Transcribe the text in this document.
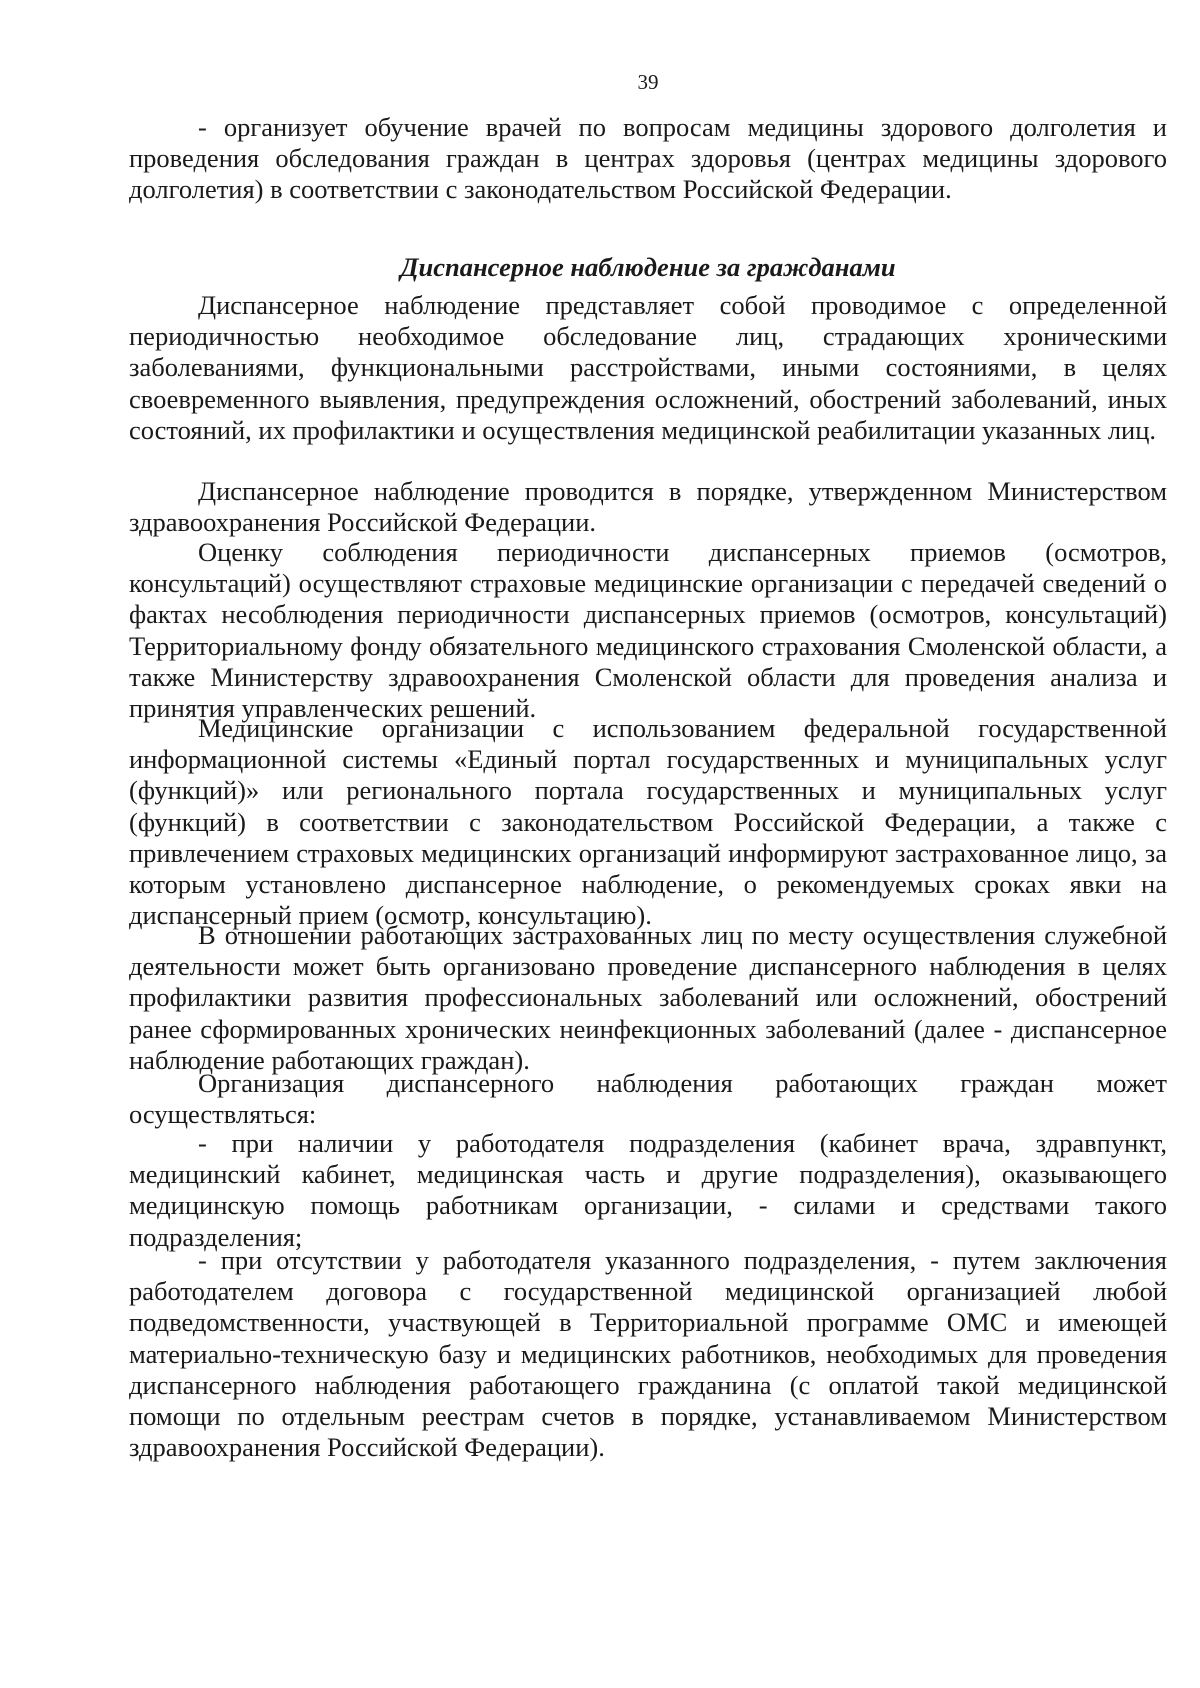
39

- организует обучение врачей по вопросам медицины здорового долголетия и проведения обследования граждан в центрах здоровья (центрах медицины здорового долголетия) в соответствии с законодательством Российской Федерации.

Диспансерное наблюдение за гражданами

Диспансерное наблюдение представляет собой проводимое с определенной периодичностью необходимое обследование лиц, страдающих хроническими заболеваниями, функциональными расстройствами, иными состояниями, в целях своевременного выявления, предупреждения осложнений, обострений заболеваний, иных состояний, их профилактики и осуществления медицинской реабилитации указанных лиц.

Диспансерное наблюдение проводится в порядке, утвержденном Министерством здравоохранения Российской Федерации.

Оценку соблюдения периодичности диспансерных приемов (осмотров, консультаций) осуществляют страховые медицинские организации с передачей сведений о фактах несоблюдения периодичности диспансерных приемов (осмотров, консультаций) Территориальному фонду обязательного медицинского страхования Смоленской области, а также Министерству здравоохранения Смоленской области для проведения анализа и принятия управленческих решений.

Медицинские организации с использованием федеральной государственной информационной системы «Единый портал государственных и муниципальных услуг (функций)» или регионального портала государственных и муниципальных услуг (функций) в соответствии с законодательством Российской Федерации, а также с привлечением страховых медицинских организаций информируют застрахованное лицо, за которым установлено диспансерное наблюдение, о рекомендуемых сроках явки на диспансерный прием (осмотр, консультацию).

В отношении работающих застрахованных лиц по месту осуществления служебной деятельности может быть организовано проведение диспансерного наблюдения в целях профилактики развития профессиональных заболеваний или осложнений, обострений ранее сформированных хронических неинфекционных заболеваний (далее - диспансерное наблюдение работающих граждан).

Организация диспансерного наблюдения работающих граждан может осуществляться:

- при наличии у работодателя подразделения (кабинет врача, здравпункт, медицинский кабинет, медицинская часть и другие подразделения), оказывающего медицинскую помощь работникам организации, - силами и средствами такого подразделения;

- при отсутствии у работодателя указанного подразделения, - путем заключения работодателем договора с государственной медицинской организацией любой подведомственности, участвующей в Территориальной программе ОМС и имеющей материально-техническую базу и медицинских работников, необходимых для проведения диспансерного наблюдения работающего гражданина (с оплатой такой медицинской помощи по отдельным реестрам счетов в порядке, устанавливаемом Министерством здравоохранения Российской Федерации).
